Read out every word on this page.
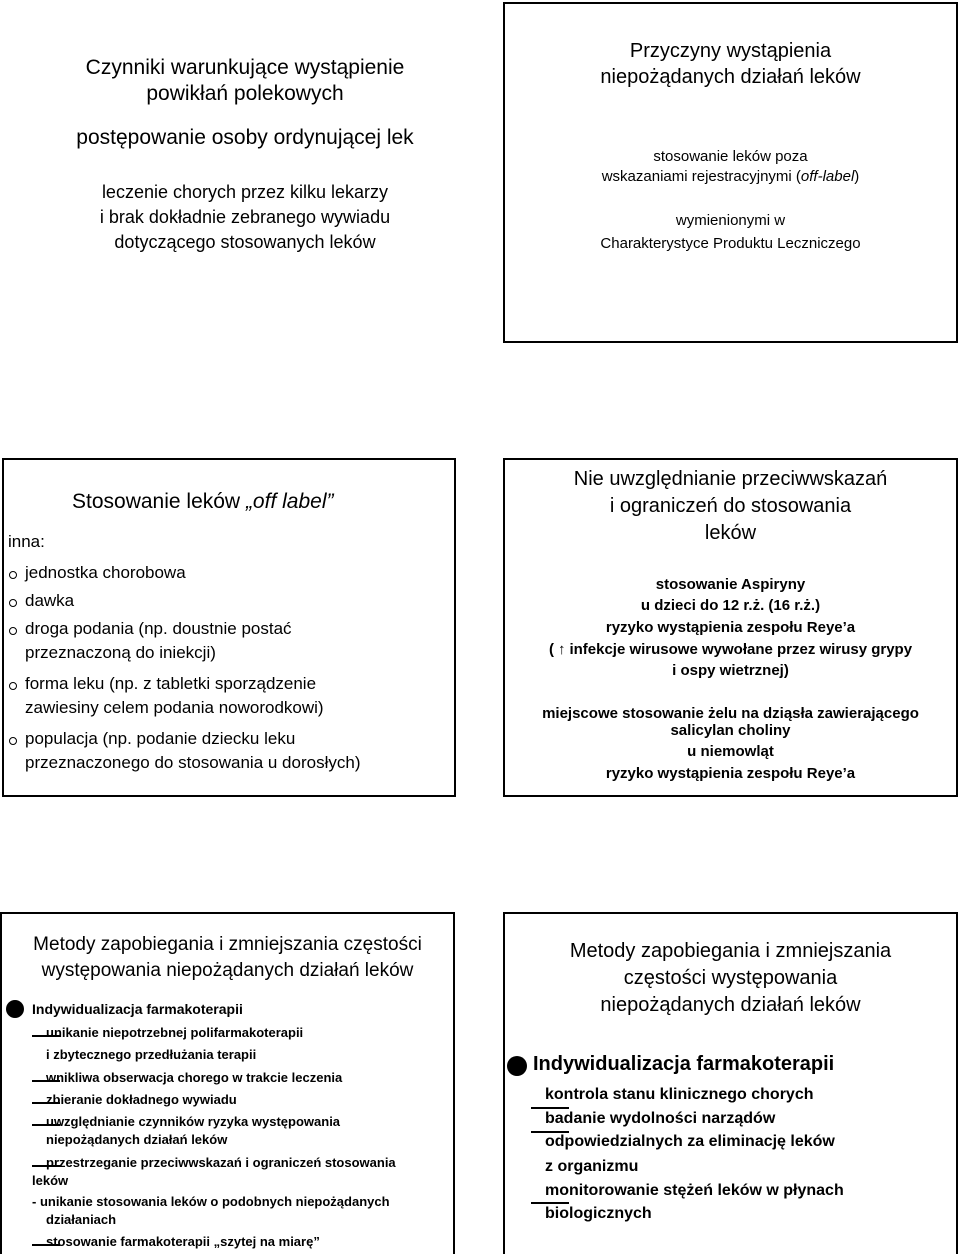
Czynniki warunkujące wystąpienie

powikłań polekowych

postępowanie osoby ordynującej lek

leczenie chorych przez kilku lekarzy

i brak dokładnie zebranego wywiadu

dotyczącego stosowanych leków

Przyczyny wystąpienia

niepożądanych działań leków

stosowanie leków poza

wskazaniami rejestracyjnymi (off-label)

wymienionymi w

Charakterystyce Produktu Leczniczego

Stosowanie leków „off label”

inna:

jednostka chorobowa

dawka

droga podania (np. doustnie postać

przeznaczoną do iniekcji)

forma leku (np. z tabletki sporządzenie

zawiesiny celem podania noworodkowi)

populacja (np. podanie dziecku leku

przeznaczonego do stosowania u dorosłych)

Nie uwzględnianie przeciwwskazań

i ograniczeń do stosowania

leków

stosowanie Aspiryny

u dzieci do 12 r.ż. (16 r.ż.)

ryzyko wystąpienia zespołu Reye’a

( ↑ infekcje wirusowe wywołane przez wirusy grypy

i ospy wietrznej)

miejscowe stosowanie żelu na dziąsła zawierającego

salicylan choliny

u niemowląt

ryzyko wystąpienia zespołu Reye’a

Metody zapobiegania i zmniejszania częstości

występowania niepożądanych działań leków

Indywidualizacja farmakoterapii

unikanie niepotrzebnej polifarmakoterapii

i zbytecznego przedłużania terapii

wnikliwa obserwacja chorego w trakcie leczenia

zbieranie dokładnego wywiadu

uwzględnianie czynników ryzyka występowania

niepożądanych działań leków

przestrzeganie przeciwwskazań i ograniczeń stosowania

leków

- unikanie stosowania leków o podobnych niepożądanych

działaniach

stosowanie farmakoterapii „szytej na miarę”

Metody zapobiegania i zmniejszania

częstości występowania

niepożądanych działań leków

Indywidualizacja farmakoterapii

kontrola stanu klinicznego chorych

badanie wydolności narządów

odpowiedzialnych za eliminację leków

z organizmu

monitorowanie stężeń leków w płynach

biologicznych
